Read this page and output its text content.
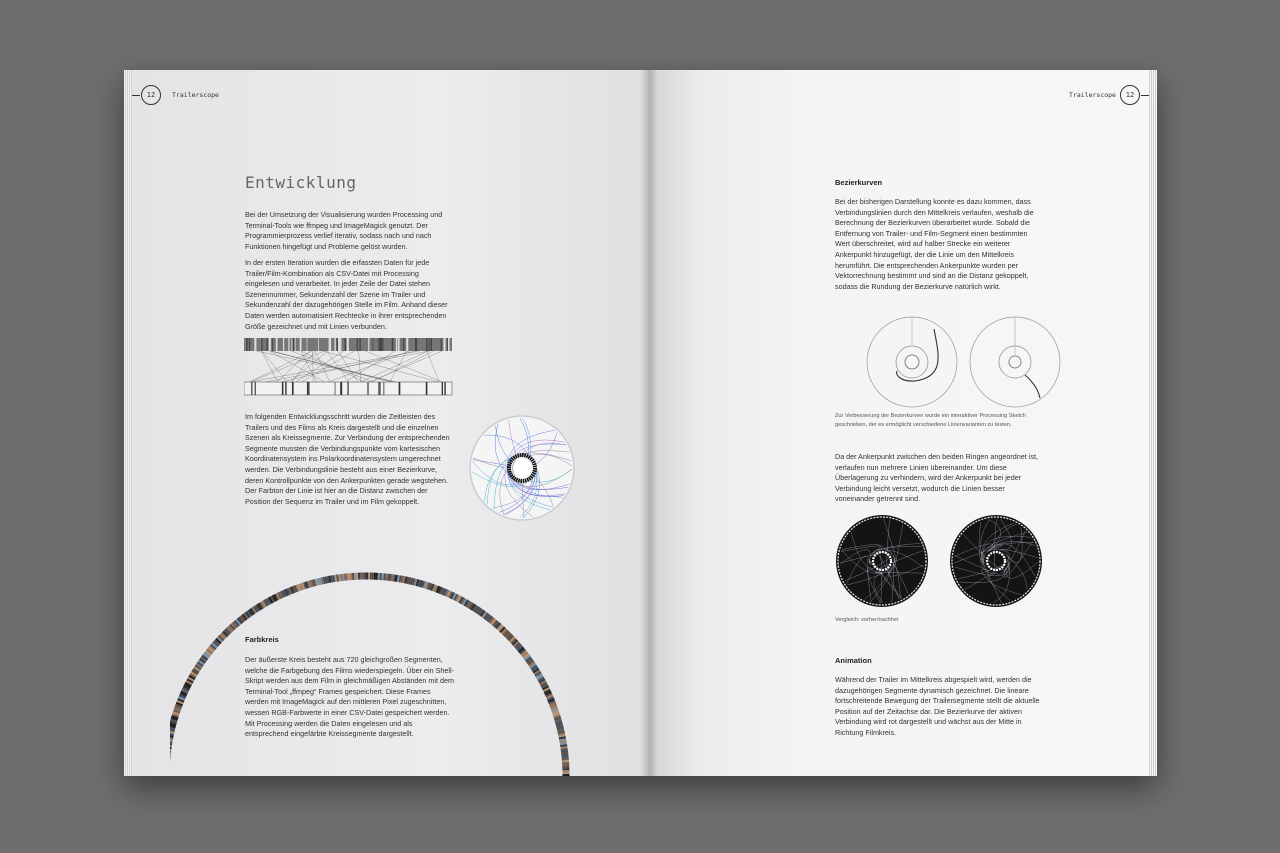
12	Trailerscope
Entwicklung
Bei der Umsetzung der Visualisierung wurden Processing und Terminal-Tools wie ffmpeg und ImageMagick genutzt. Der Programmierprozess verlief iterativ, sodass nach und nach Funktionen hingefügt und Probleme gelöst wurden.
In der ersten Iteration wurden die erfassten Daten für jede Trailer/Film-Kombination als CSV-Datei mit Processing eingelesen und verarbeitet. In jeder Zeile der Datei stehen Szenennummer, Sekundenzahl der Szene im Trailer und Sekundenzahl der dazugehörigen Stelle im Film. Anhand dieser Daten werden automatisiert Rechtecke in ihrer entsprechenden Größe gezeichnet und mit Linien verbunden.
Im folgenden Entwicklungsschritt wurden die Zeitleisten des Trailers und des Films als Kreis dargestellt und die einzelnen Szenen als Kreissegmente. Zur Verbindung der entsprechenden Segmente mussten die Verbindungspunkte vom kartesischen Koordinatensystem ins Polarkoordinatensystem umgerechnet werden. Die Verbindungslinie besteht aus einer Bezierkurve, deren Kontrollpunkte von den Ankerpunkten gerade wegstehen. Der Farbton der Linie ist hier an die Distanz zwischen der Position der Sequenz im Trailer und im Film gekoppelt.
Farbkreis
Der äußerste Kreis besteht aus 720 gleichgroßen Segmenten, welche die Farbgebung des Films wiederspiegeln. Über ein Shell-Skript werden aus dem Film in gleichmäßigen Abständen mit dem Terminal-Tool „ffmpeg“ Frames gespeichert. Diese Frames werden mit ImageMagick auf den mittleren Pixel zugeschnitten, wessen RGB-Farbwerte in einer CSV-Datei gespeichert werden. Mit Processing werden die Daten eingelesen und als entsprechend eingefärbte Kreissegmente dargestellt.
Trailerscope	12
Bezierkurven
Bei der bisherigen Darstellung konnte es dazu kommen, dass Verbindungslinien durch den Mittelkreis verlaufen, weshalb die Berechnung der Bezierkurven überarbeitet wurde. Sobald die Entfernung von Trailer- und Film-Segment einen bestimmten Wert überschreitet, wird auf halber Strecke ein weiterer Ankerpunkt hinzugefügt, der die Linie um den Mittelkreis herumführt. Die entsprechenden Ankerpunkte wurden per Vektorrechnung bestimmt und sind an die Distanz gekoppelt, sodass die Rundung der Bezierkurve natürlich wirkt.
Zur Verbesserung der Bezierkurven wurde ein interaktiver Processing Sketch geschrieben, der es ermöglicht verschiedene Linienvarianten zu testen.
Da der Ankerpunkt zwischen den beiden Ringen angeordnet ist, verlaufen nun mehrere Linien übereinander. Um diese Überlagerung zu verhindern, wird der Ankerpunkt bei jeder Verbindung leicht versetzt, wodurch die Linien besser voneinander getrennt sind.
Vergleich: vorher/nachher
Animation
Während der Trailer im Mittelkreis abgespielt wird, werden die dazugehörigen Segmente dynamisch gezeichnet. Die lineare fortschreitende Bewegung der Trailersegmente stellt die aktuelle Position auf der Zeitachse dar. Die Bezierkurve der aktiven Verbindung wird rot dargestellt und wächst aus der Mitte in Richtung Filmkreis.
